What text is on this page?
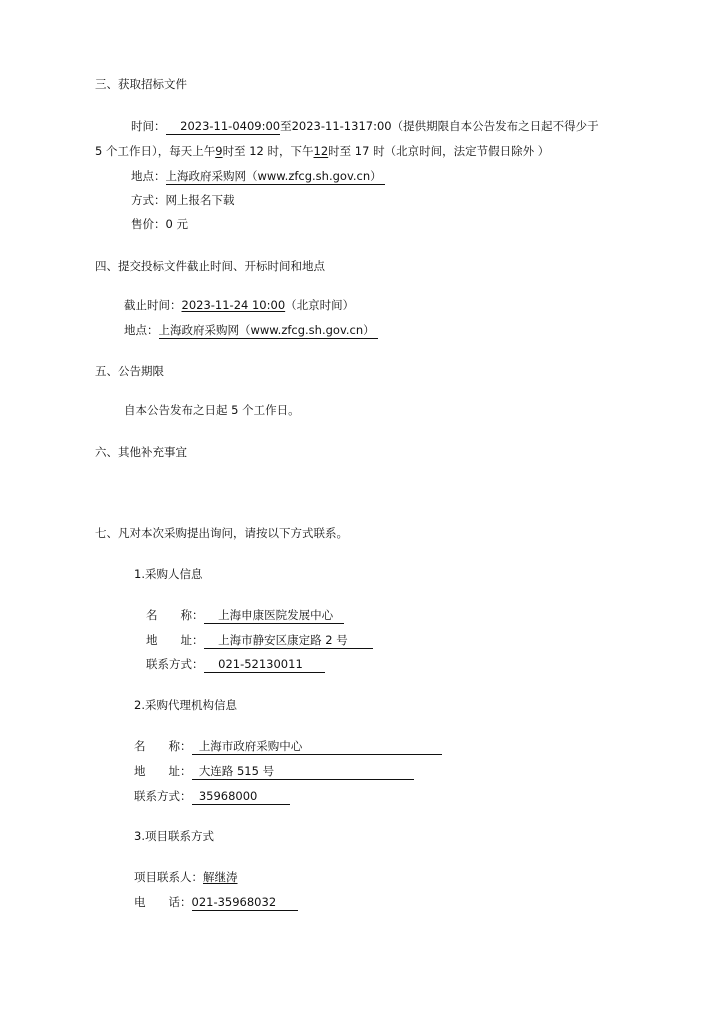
三、获取招标文件
时间： 2023-11-0409:00至2023-11-1317:00（提供期限自本公告发布之日起不得少于
5 个工作日），每天上午9时至 12 时，下午12时至 17 时（北京时间，法定节假日除外 ）
地点：上海政府采购网（www.zfcg.sh.gov.cn）
方式：网上报名下载
售价：0 元
四、提交投标文件截止时间、开标时间和地点
截止时间：2023-11-24 10:00（北京时间）
地点：上海政府采购网（www.zfcg.sh.gov.cn）
五、公告期限
自本公告发布之日起 5 个工作日。
六、其他补充事宜
七、凡对本次采购提出询问，请按以下方式联系。
1.采购人信息
名　　称： 上海申康医院发展中心
地　　址： 上海市静安区康定路 2 号
联系方式： 021-52130011
2.采购代理机构信息
名　　称： 上海市政府采购中心
地　　址： 大连路 515 号
联系方式： 35968000
3.项目联系方式
项目联系人：解继涛
电　　话：021-35968032
